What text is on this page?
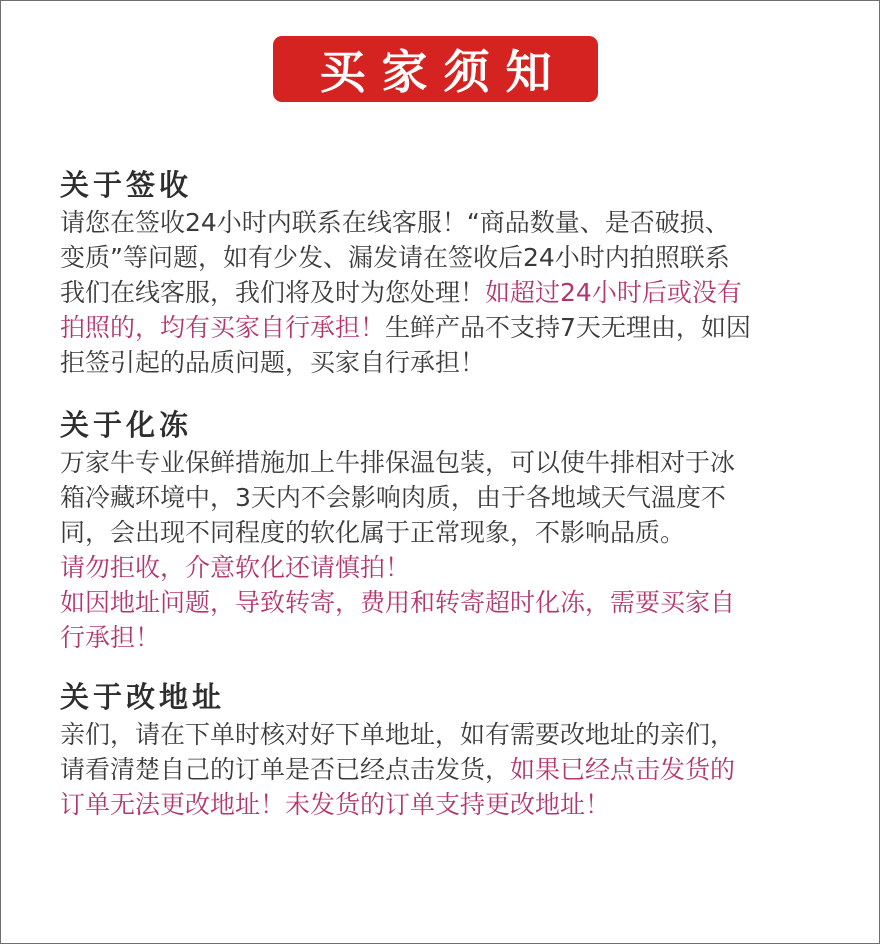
买家须知
关于签收
请您在签收24小时内联系在线客服！“商品数量、是否破损、
变质”等问题，如有少发、漏发请在签收后24小时内拍照联系
我们在线客服，我们将及时为您处理！如超过24小时后或没有
拍照的，均有买家自行承担！生鲜产品不支持7天无理由，如因
拒签引起的品质问题，买家自行承担！
关于化冻
万家牛专业保鲜措施加上牛排保温包装，可以使牛排相对于冰
箱冷藏环境中，3天内不会影响肉质，由于各地域天气温度不
同，会出现不同程度的软化属于正常现象，不影响品质。
请勿拒收，介意软化还请慎拍！
如因地址问题，导致转寄，费用和转寄超时化冻，需要买家自
行承担！
关于改地址
亲们，请在下单时核对好下单地址，如有需要改地址的亲们，
请看清楚自己的订单是否已经点击发货，如果已经点击发货的
订单无法更改地址！未发货的订单支持更改地址！
